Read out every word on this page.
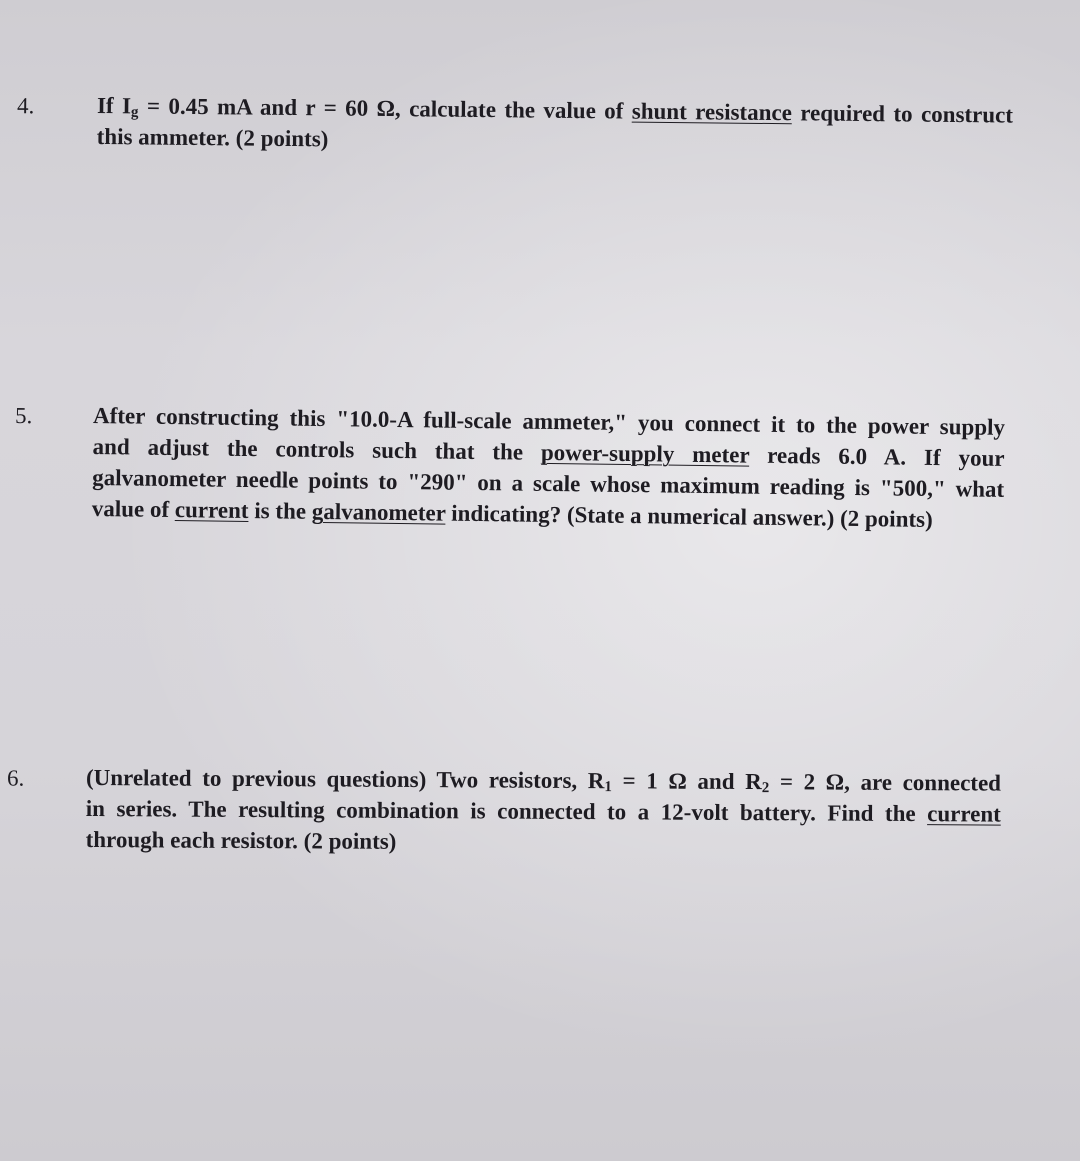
4.	If $I_g = 0.45$ mA and r = 60 Ω, calculate the value of shunt resistance required to construct
this ammeter. (2 points)
5.	After constructing this "10.0-A full-scale ammeter," you connect it to the power supply
and adjust the controls such that the power-supply meter reads 6.0 A. If your
galvanometer needle points to "290" on a scale whose maximum reading is "500," what
value of current is the galvanometer indicating? (State a numerical answer.) (2 points)
6.	(Unrelated to previous questions) Two resistors, $R_1 = 1$ Ω and $R_2 = 2$ Ω, are connected
in series. The resulting combination is connected to a 12-volt battery. Find the current
through each resistor. (2 points)
